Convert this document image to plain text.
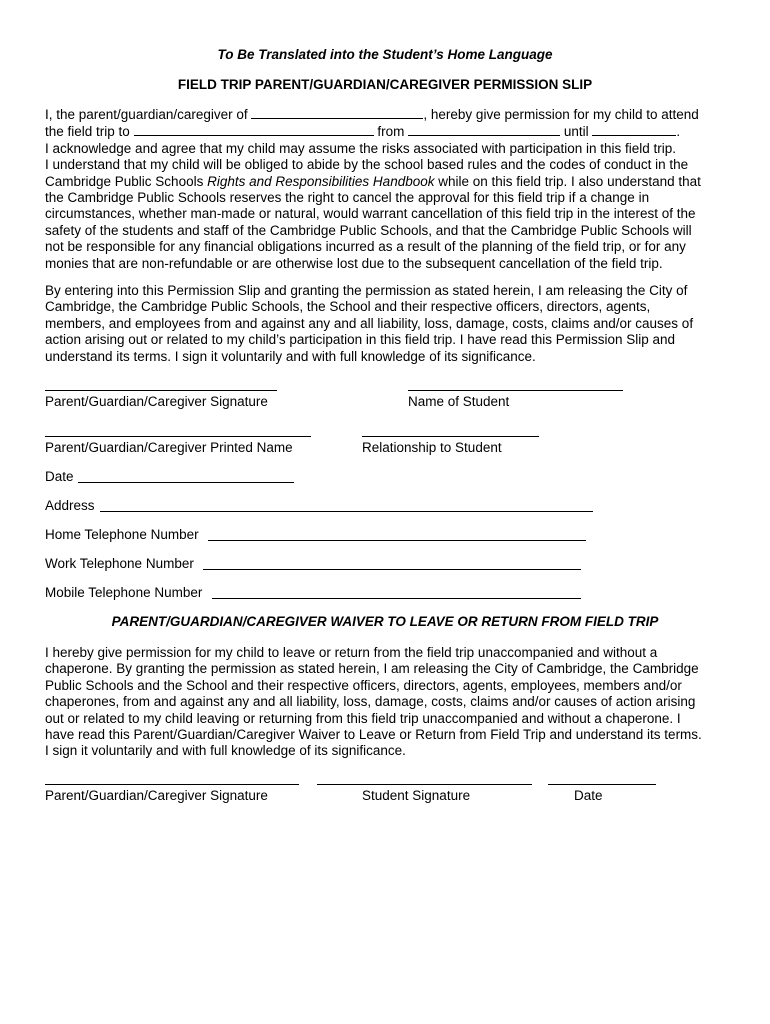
To Be Translated into the Student’s Home Language
FIELD TRIP PARENT/GUARDIAN/CAREGIVER PERMISSION SLIP
I, the parent/guardian/caregiver of	, hereby give permission for my child to attend
the field trip to	from	until	.
I acknowledge and agree that my child may assume the risks associated with participation in this field trip.
I understand that my child will be obliged to abide by the school based rules and the codes of conduct in the
Cambridge Public Schools Rights and Responsibilities Handbook while on this field trip. I also understand that
the Cambridge Public Schools reserves the right to cancel the approval for this field trip if a change in
circumstances, whether man-made or natural, would warrant cancellation of this field trip in the interest of the
safety of the students and staff of the Cambridge Public Schools, and that the Cambridge Public Schools will
not be responsible for any financial obligations incurred as a result of the planning of the field trip, or for any
monies that are non-refundable or are otherwise lost due to the subsequent cancellation of the field trip.
By entering into this Permission Slip and granting the permission as stated herein, I am releasing the City of
Cambridge, the Cambridge Public Schools, the School and their respective officers, directors, agents,
members, and employees from and against any and all liability, loss, damage, costs, claims and/or causes of
action arising out or related to my child’s participation in this field trip. I have read this Permission Slip and
understand its terms. I sign it voluntarily and with full knowledge of its significance.
Parent/Guardian/Caregiver Signature	Name of Student
Parent/Guardian/Caregiver Printed Name	Relationship to Student
Date
Address
Home Telephone Number
Work Telephone Number
Mobile Telephone Number
PARENT/GUARDIAN/CAREGIVER WAIVER TO LEAVE OR RETURN FROM FIELD TRIP
I hereby give permission for my child to leave or return from the field trip unaccompanied and without a
chaperone. By granting the permission as stated herein, I am releasing the City of Cambridge, the Cambridge
Public Schools and the School and their respective officers, directors, agents, employees, members and/or
chaperones, from and against any and all liability, loss, damage, costs, claims and/or causes of action arising
out or related to my child leaving or returning from this field trip unaccompanied and without a chaperone. I
have read this Parent/Guardian/Caregiver Waiver to Leave or Return from Field Trip and understand its terms.
I sign it voluntarily and with full knowledge of its significance.
Parent/Guardian/Caregiver Signature	Student Signature	Date
